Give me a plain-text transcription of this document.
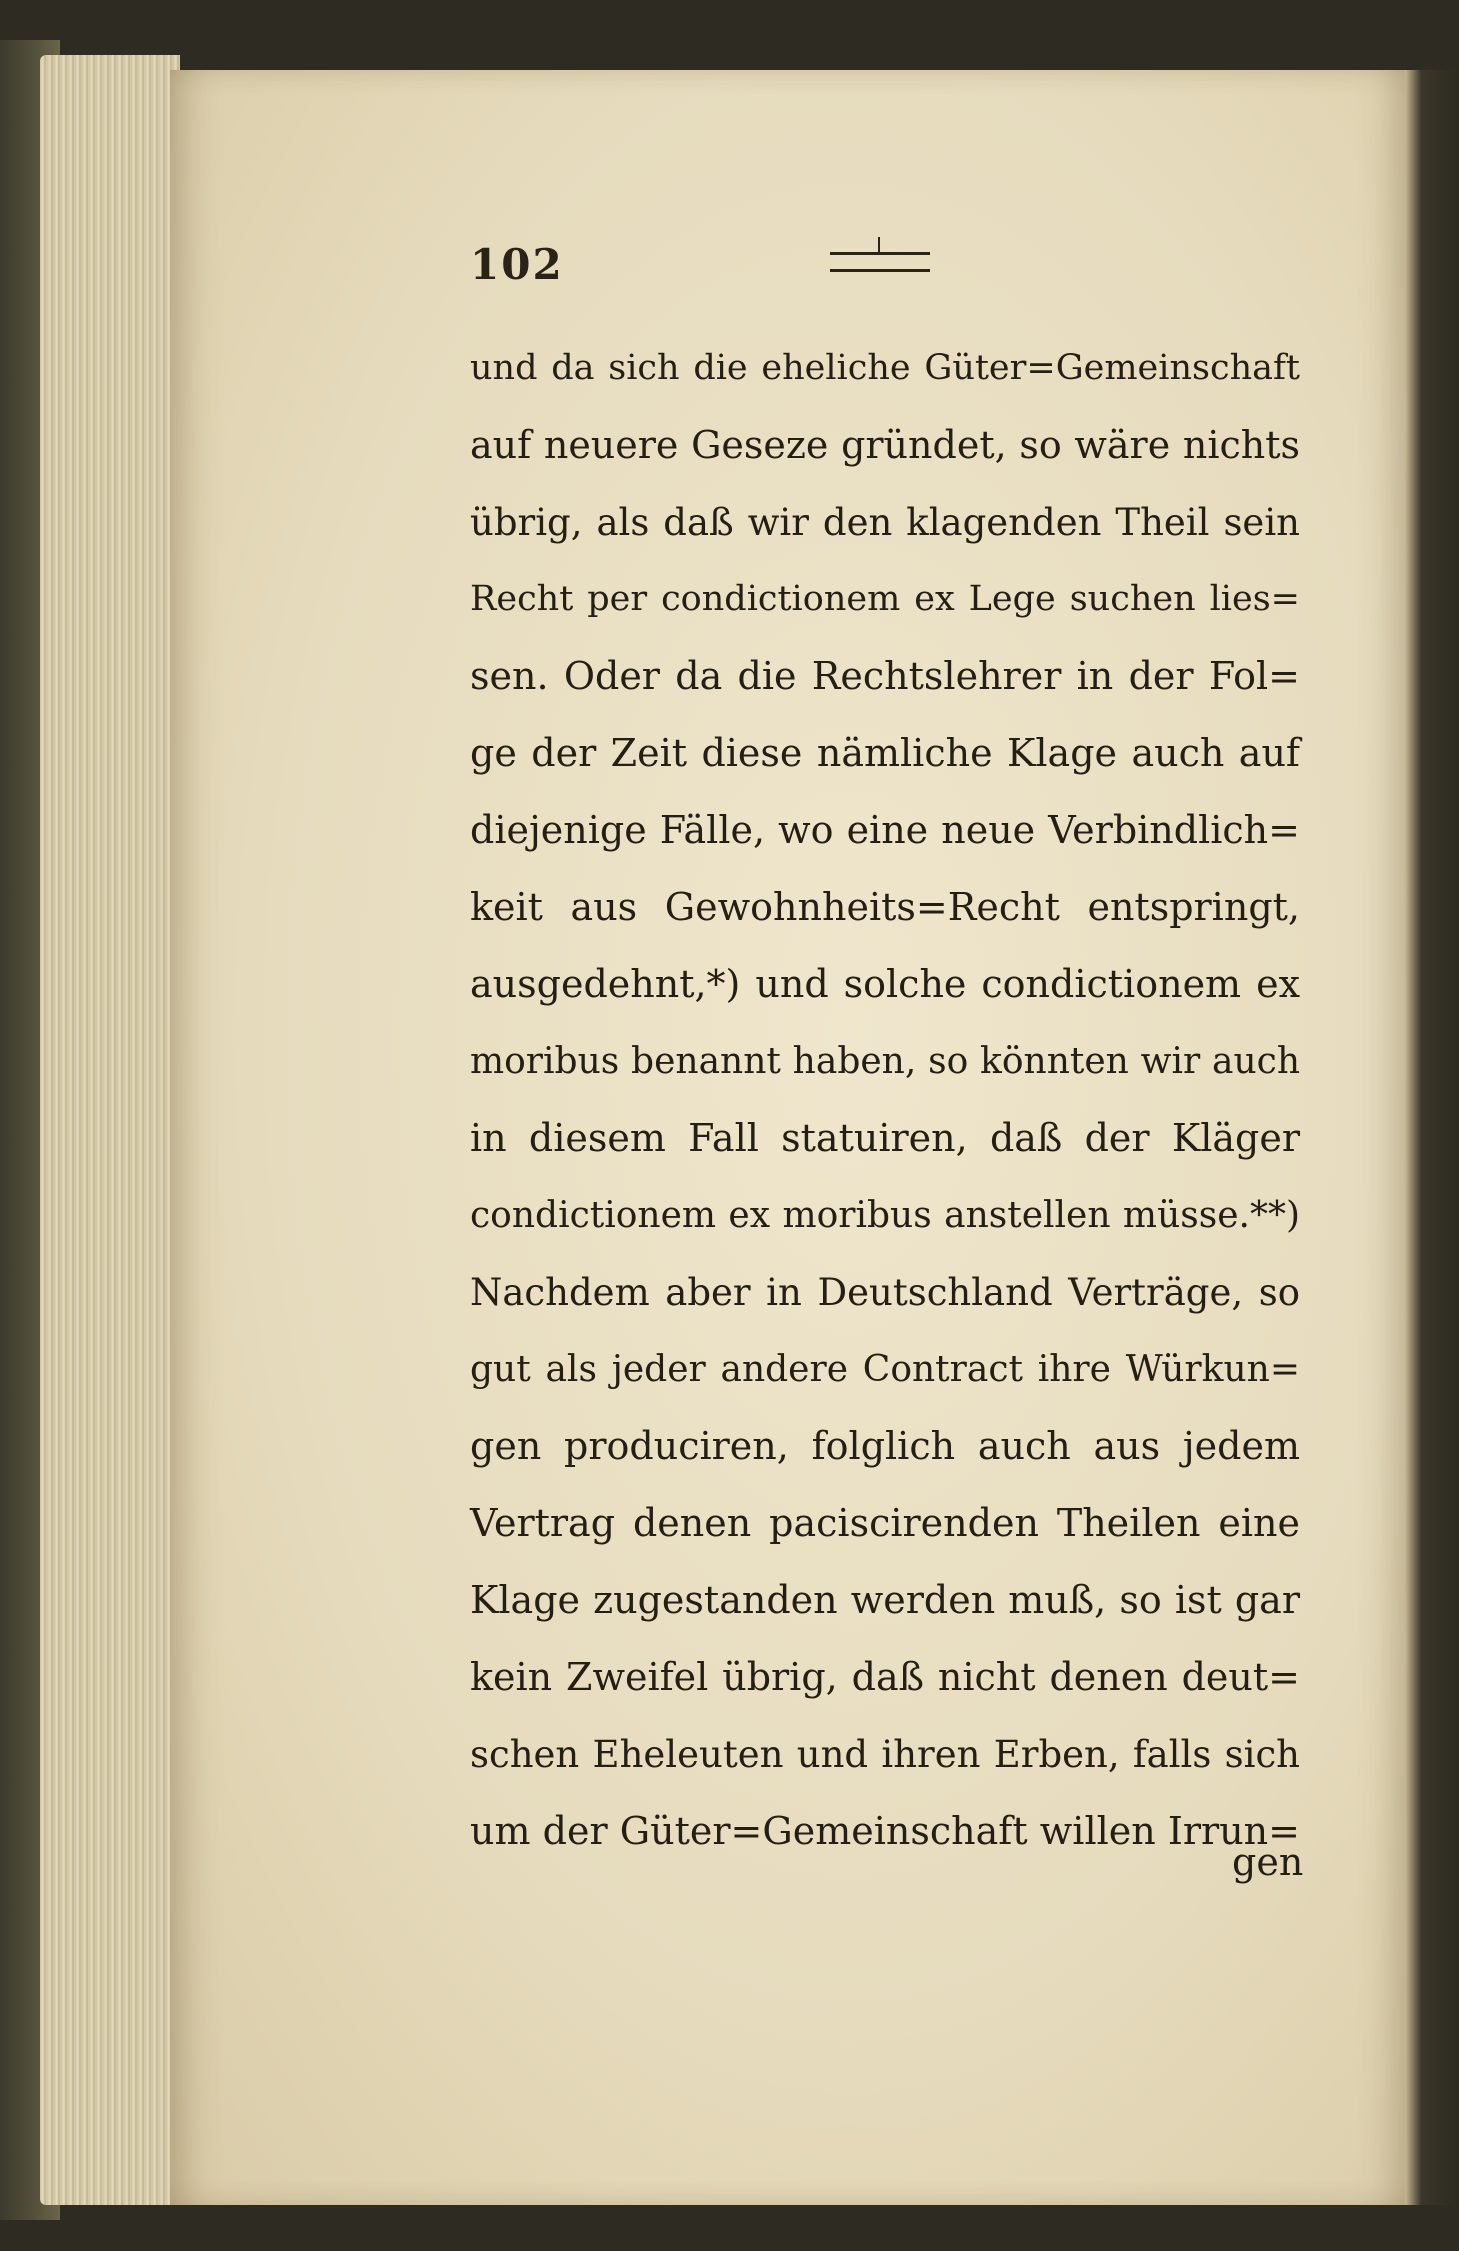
102
und da sich die eheliche Güter=Gemeinschaft
auf neuere Geseze gründet, so wäre nichts
übrig, als daß wir den klagenden Theil sein
Recht per condictionem ex Lege suchen lies=
sen. Oder da die Rechtslehrer in der Fol=
ge der Zeit diese nämliche Klage auch auf
diejenige Fälle, wo eine neue Verbindlich=
keit aus Gewohnheits=Recht entspringt,
ausgedehnt,*) und solche condictionem ex
moribus benannt haben, so könnten wir auch
in diesem Fall statuiren, daß der Kläger
condictionem ex moribus anstellen müsse.**)
Nachdem aber in Deutschland Verträge, so
gut als jeder andere Contract ihre Würkun=
gen produciren, folglich auch aus jedem
Vertrag denen paciscirenden Theilen eine
Klage zugestanden werden muß, so ist gar
kein Zweifel übrig, daß nicht denen deut=
schen Eheleuten und ihren Erben, falls sich
um der Güter=Gemeinschaft willen Irrun=
gen
